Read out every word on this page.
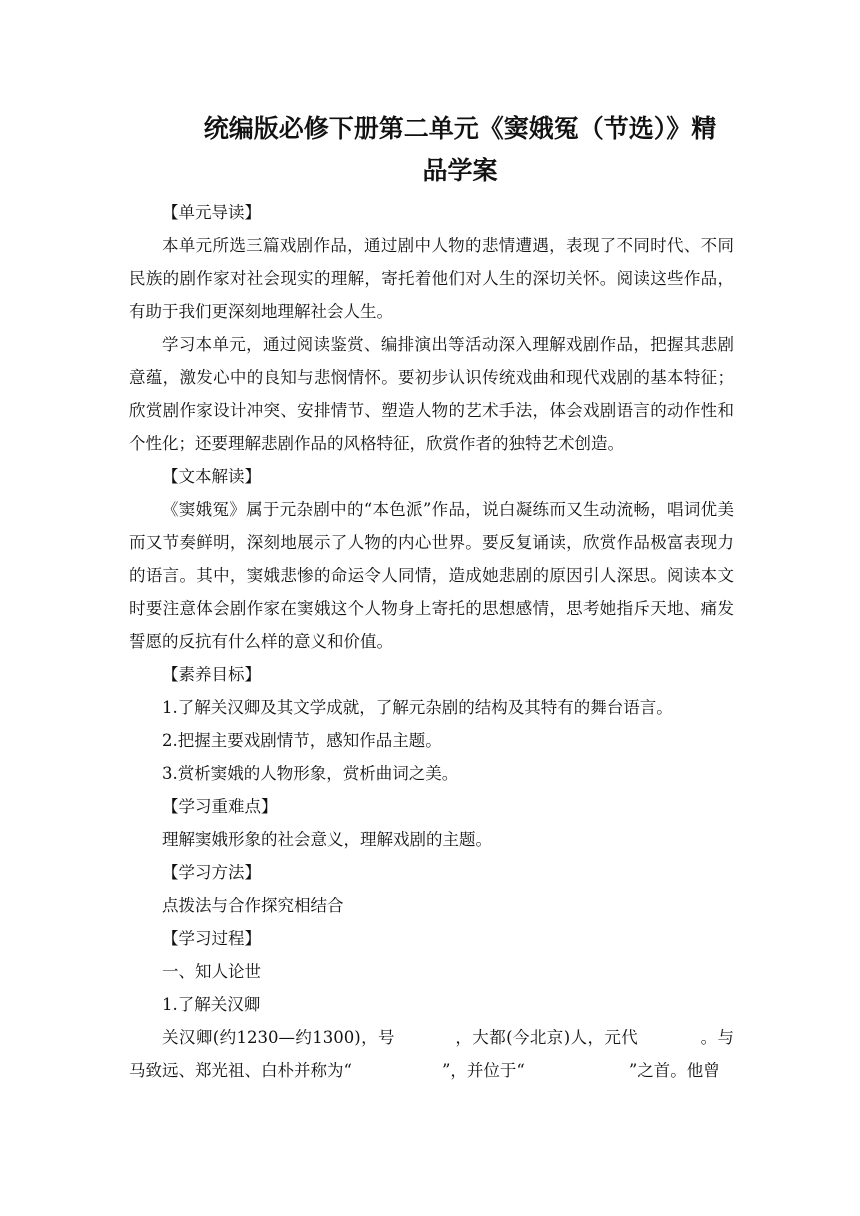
统编版必修下册第二单元《窦娥冤（节选）》精
品学案

【单元导读】

本单元所选三篇戏剧作品，通过剧中人物的悲情遭遇，表现了不同时代、不同民族的剧作家对社会现实的理解，寄托着他们对人生的深切关怀。阅读这些作品，有助于我们更深刻地理解社会人生。

学习本单元，通过阅读鉴赏、编排演出等活动深入理解戏剧作品，把握其悲剧意蕴，激发心中的良知与悲悯情怀。要初步认识传统戏曲和现代戏剧的基本特征；欣赏剧作家设计冲突、安排情节、塑造人物的艺术手法，体会戏剧语言的动作性和个性化；还要理解悲剧作品的风格特征，欣赏作者的独特艺术创造。

【文本解读】

《窦娥冤》属于元杂剧中的“本色派”作品，说白凝练而又生动流畅，唱词优美而又节奏鲜明，深刻地展示了人物的内心世界。要反复诵读，欣赏作品极富表现力的语言。其中，窦娥悲惨的命运令人同情，造成她悲剧的原因引人深思。阅读本文时要注意体会剧作家在窦娥这个人物身上寄托的思想感情，思考她指斥天地、痛发誓愿的反抗有什么样的意义和价值。

【素养目标】

1.了解关汉卿及其文学成就，了解元杂剧的结构及其特有的舞台语言。

2.把握主要戏剧情节，感知作品主题。

3.赏析窦娥的人物形象，赏析曲词之美。

【学习重难点】

理解窦娥形象的社会意义，理解戏剧的主题。

【学习方法】

点拨法与合作探究相结合

【学习过程】

一、知人论世

1.了解关汉卿

关汉卿(约1230—约1300)，号	，大都(今北京)人，元代	。与马致远、郑光祖、白朴并称为“	”，并位于“	”之首。他曾
